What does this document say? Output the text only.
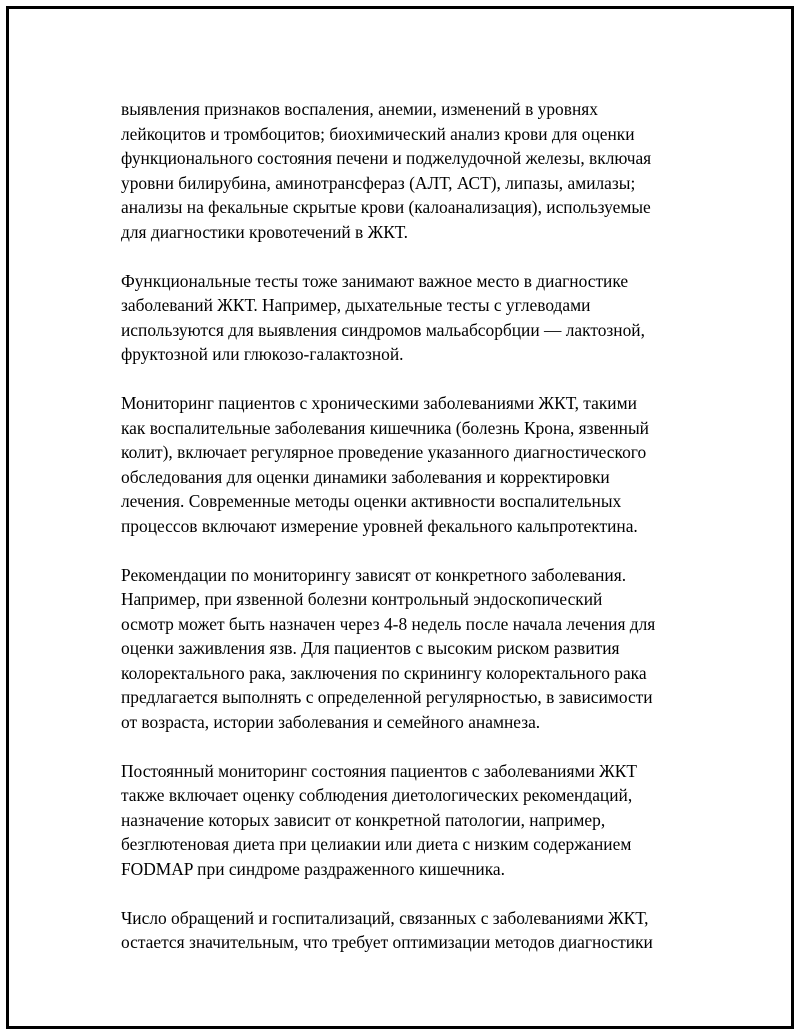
выявления признаков воспаления, анемии, изменений в уровнях
лейкоцитов и тромбоцитов; биохимический анализ крови для оценки
функционального состояния печени и поджелудочной железы, включая
уровни билирубина, аминотрансфераз (АЛТ, АСТ), липазы, амилазы;
анализы на фекальные скрытые крови (калоанализация), используемые
для диагностики кровотечений в ЖКТ.

Функциональные тесты тоже занимают важное место в диагностике
заболеваний ЖКТ. Например, дыхательные тесты с углеводами
используются для выявления синдромов мальабсорбции — лактозной,
фруктозной или глюкозо-галактозной.

Мониторинг пациентов с хроническими заболеваниями ЖКТ, такими
как воспалительные заболевания кишечника (болезнь Крона, язвенный
колит), включает регулярное проведение указанного диагностического
обследования для оценки динамики заболевания и корректировки
лечения. Современные методы оценки активности воспалительных
процессов включают измерение уровней фекального кальпротектина.

Рекомендации по мониторингу зависят от конкретного заболевания.
Например, при язвенной болезни контрольный эндоскопический
осмотр может быть назначен через 4-8 недель после начала лечения для
оценки заживления язв. Для пациентов с высоким риском развития
колоректального рака, заключения по скринингу колоректального рака
предлагается выполнять с определенной регулярностью, в зависимости
от возраста, истории заболевания и семейного анамнеза.

Постоянный мониторинг состояния пациентов с заболеваниями ЖКТ
также включает оценку соблюдения диетологических рекомендаций,
назначение которых зависит от конкретной патологии, например,
безглютеновая диета при целиакии или диета с низким содержанием
FODMAP при синдроме раздраженного кишечника.

Число обращений и госпитализаций, связанных с заболеваниями ЖКТ,
остается значительным, что требует оптимизации методов диагностики
